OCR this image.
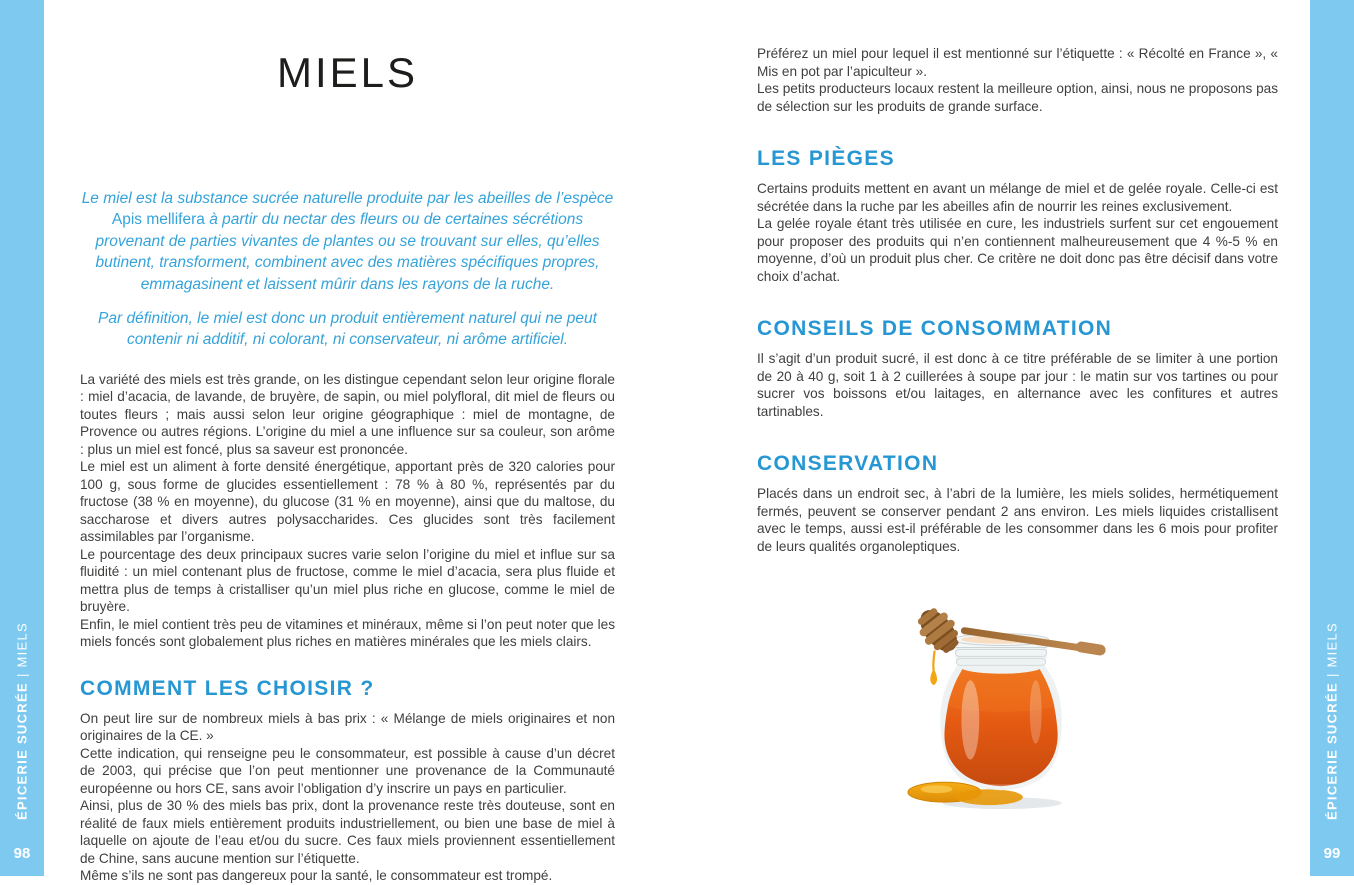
ÉPICERIE SUCRÉE | MIELS
98
ÉPICERIE SUCRÉE | MIELS
99
MIELS

Le miel est la substance sucrée naturelle produite par les abeilles de l’espèce Apis mellifera à partir du nectar des fleurs ou de certaines sécrétions provenant de parties vivantes de plantes ou se trouvant sur elles, qu’elles butinent, transforment, combinent avec des matières spécifiques propres, emmagasinent et laissent mûrir dans les rayons de la ruche.

Par définition, le miel est donc un produit entièrement naturel qui ne peut contenir ni additif, ni colorant, ni conservateur, ni arôme artificiel.

La variété des miels est très grande, on les distingue cependant selon leur origine florale : miel d’acacia, de lavande, de bruyère, de sapin, ou miel polyfloral, dit miel de fleurs ou toutes fleurs ; mais aussi selon leur origine géographique : miel de montagne, de Provence ou autres régions. L’origine du miel a une influence sur sa couleur, son arôme : plus un miel est foncé, plus sa saveur est prononcée.

Le miel est un aliment à forte densité énergétique, apportant près de 320 calories pour 100 g, sous forme de glucides essentiellement : 78 % à 80 %, représentés par du fructose (38 % en moyenne), du glucose (31 % en moyenne), ainsi que du maltose, du saccharose et divers autres polysaccharides. Ces glucides sont très facilement assimilables par l’organisme.

Le pourcentage des deux principaux sucres varie selon l’origine du miel et influe sur sa fluidité : un miel contenant plus de fructose, comme le miel d’acacia, sera plus fluide et mettra plus de temps à cristalliser qu’un miel plus riche en glucose, comme le miel de bruyère.

Enfin, le miel contient très peu de vitamines et minéraux, même si l’on peut noter que les miels foncés sont globalement plus riches en matières minérales que les miels clairs.

COMMENT LES CHOISIR ?

On peut lire sur de nombreux miels à bas prix : « Mélange de miels originaires et non originaires de la CE. »

Cette indication, qui renseigne peu le consommateur, est possible à cause d’un décret de 2003, qui précise que l’on peut mentionner une provenance de la Communauté européenne ou hors CE, sans avoir l’obligation d’y inscrire un pays en particulier.

Ainsi, plus de 30 % des miels bas prix, dont la provenance reste très douteuse, sont en réalité de faux miels entièrement produits industriellement, ou bien une base de miel à laquelle on ajoute de l’eau et/ou du sucre. Ces faux miels proviennent essentiellement de Chine, sans aucune mention sur l’étiquette.

Même s’ils ne sont pas dangereux pour la santé, le consommateur est trompé.

Préférez un miel pour lequel il est mentionné sur l’étiquette : « Récolté en France », « Mis en pot par l’apiculteur ».

Les petits producteurs locaux restent la meilleure option, ainsi, nous ne proposons pas de sélection sur les produits de grande surface.

LES PIÈGES

Certains produits mettent en avant un mélange de miel et de gelée royale. Celle-ci est sécrétée dans la ruche par les abeilles afin de nourrir les reines exclusivement.

La gelée royale étant très utilisée en cure, les industriels surfent sur cet engouement pour proposer des produits qui n’en contiennent malheureusement que 4 %-5 % en moyenne, d’où un produit plus cher. Ce critère ne doit donc pas être décisif dans votre choix d’achat.

CONSEILS DE CONSOMMATION

Il s’agit d’un produit sucré, il est donc à ce titre préférable de se limiter à une portion de 20 à 40 g, soit 1 à 2 cuillerées à soupe par jour : le matin sur vos tartines ou pour sucrer vos boissons et/ou laitages, en alternance avec les confitures et autres tartinables.

CONSERVATION

Placés dans un endroit sec, à l’abri de la lumière, les miels solides, hermétiquement fermés, peuvent se conserver pendant 2 ans environ. Les miels liquides cristallisent avec le temps, aussi est-il préférable de les consommer dans les 6 mois pour profiter de leurs qualités organoleptiques.
